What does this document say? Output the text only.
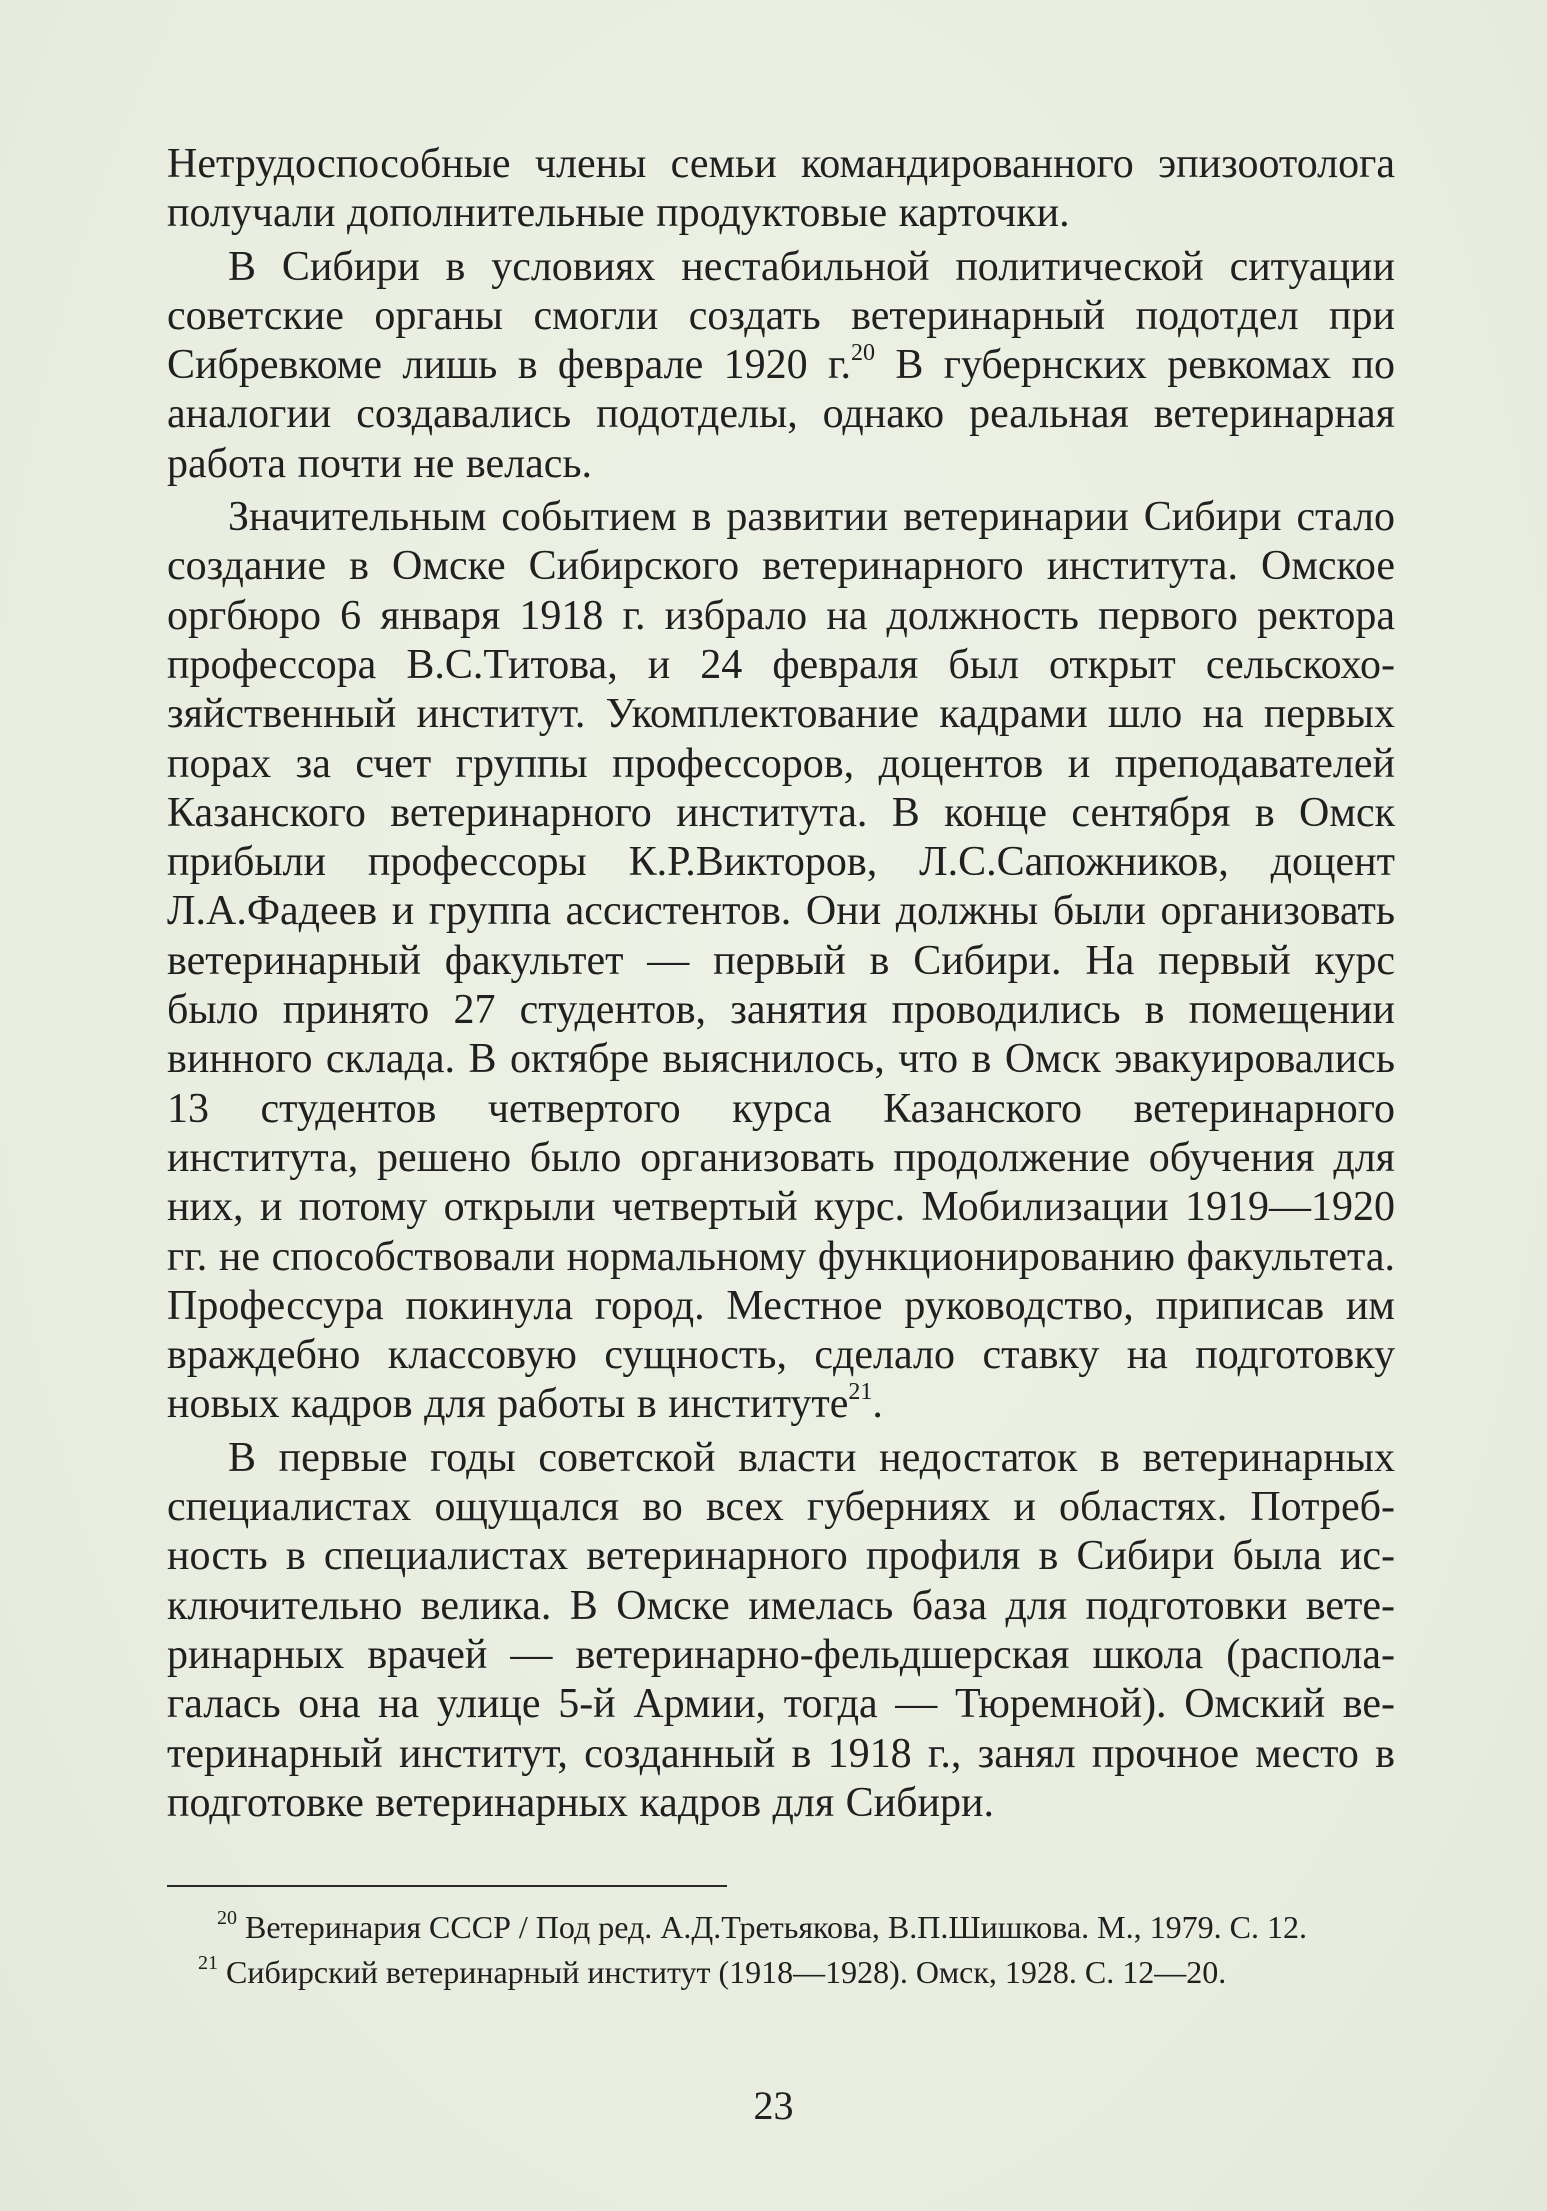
Нетрудоспособные члены семьи командированного эпизоотолога получали дополнительные продуктовые карточки.

В Сибири в условиях нестабильной политической ситуации советские органы смогли создать ветеринарный подотдел при Сибревкоме лишь в феврале 1920 г.$^{20}$ В губернских ревкомах по аналогии создавались подотделы, однако реальная ветеринарная работа почти не велась.

Значительным событием в развитии ветеринарии Сибири стало создание в Омске Сибирского ветеринарного института. Омское оргбюро 6 января 1918 г. избрало на должность первого ректора профессора В.С.Титова, и 24 февраля был открыт сельскохозяйственный институт. Укомплектование кадрами шло на первых порах за счет группы профессоров, доцентов и преподавателей Казанского ветеринарного института. В конце сентября в Омск прибыли профессоры К.Р.Викторов, Л.С.Сапожников, доцент Л.А.Фадеев и группа ассистентов. Они должны были организовать ветеринарный факультет — первый в Сибири. На первый курс было принято 27 студентов, занятия проводились в помещении винного склада. В октябре выяснилось, что в Омск эвакуировались 13 студентов четвертого курса Казанского ветеринарного института, решено было организовать продолжение обучения для них, и потому открыли четвертый курс. Мобилизации 1919—1920 гг. не способствовали нормальному функционированию факультета. Профессура покинула город. Местное руководство, приписав им враждебно классовую сущность, сделало ставку на подготовку новых кадров для работы в институте$^{21}$.

В первые годы советской власти недостаток в ветеринарных специалистах ощущался во всех губерниях и областях. Потребность в специалистах ветеринарного профиля в Сибири была исключительно велика. В Омске имелась база для подготовки ветеринарных врачей — ветеринарно-фельдшерская школа (располагалась она на улице 5-й Армии, тогда — Тюремной). Омский ветеринарный институт, созданный в 1918 г., занял прочное место в подготовке ветеринарных кадров для Сибири.

$^{20}$ Ветеринария СССР / Под ред. А.Д.Третьякова, В.П.Шишкова. М., 1979. С. 12.

$^{21}$ Сибирский ветеринарный институт (1918—1928). Омск, 1928. С. 12—20.

23
